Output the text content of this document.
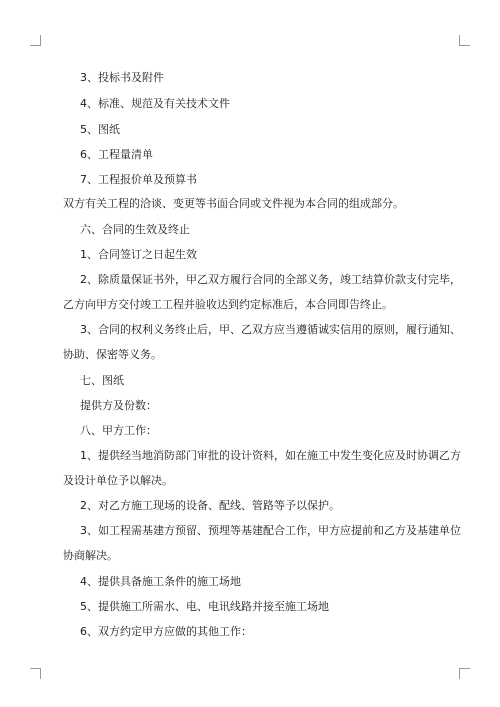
3、投标书及附件
4、标准、规范及有关技术文件
5、图纸
6、工程量清单
7、工程报价单及预算书
双方有关工程的洽谈、变更等书面合同或文件视为本合同的组成部分。
六、合同的生效及终止
1、合同签订之日起生效
2、除质量保证书外，甲乙双方履行合同的全部义务，竣工结算价款支付完毕，
乙方向甲方交付竣工工程并验收达到约定标准后，本合同即告终止。
3、合同的权利义务终止后，甲、乙双方应当遵循诚实信用的原则，履行通知、
协助、保密等义务。
七、图纸
提供方及份数：
八、甲方工作：
1、提供经当地消防部门审批的设计资料，如在施工中发生变化应及时协调乙方
及设计单位予以解决。
2、对乙方施工现场的设备、配线、管路等予以保护。
3、如工程需基建方预留、预埋等基建配合工作，甲方应提前和乙方及基建单位
协商解决。
4、提供具备施工条件的施工场地
5、提供施工所需水、电、电讯线路并接至施工场地
6、双方约定甲方应做的其他工作：
